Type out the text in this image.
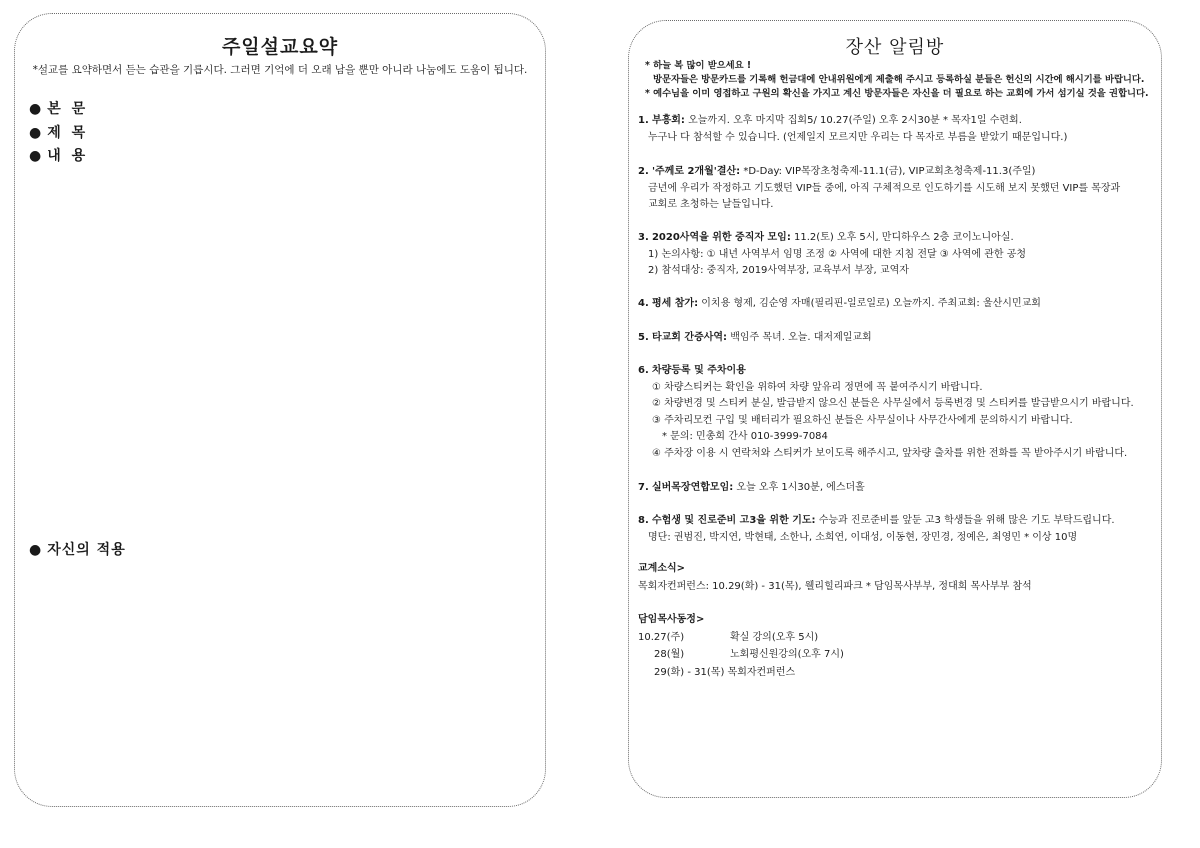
주일설교요약
*설교를 요약하면서 듣는 습관을 기릅시다. 그러면 기억에 더 오래 남을 뿐만 아니라 나눔에도 도움이 됩니다.
● 본 문
● 제 목
● 내 용
● 자신의 적용
장산 알림방
* 하늘 복 많이 받으세요 !
방문자들은 방문카드를 기록해 헌금대에 안내위원에게 제출해 주시고 등록하실 분들은 헌신의 시간에 해시기를 바랍니다.
* 예수님을 이미 영접하고 구원의 확신을 가지고 계신 방문자들은 자신을 더 필요로 하는 교회에 가서 섬기실 것을 권합니다.
1. 부흥회: 오늘까지. 오후 마지막 집회5/ 10.27(주일) 오후 2시30분 * 목자1일 수련회.
누구나 다 참석할 수 있습니다. (언제일지 모르지만 우리는 다 목자로 부름을 받았기 때문입니다.)
2. '주께로 2개월'결산: *D-Day: VIP목장초청축제-11.1(금), VIP교회초청축제-11.3(주일)
금년에 우리가 작정하고 기도했던 VIP들 중에, 아직 구체적으로 인도하기를 시도해 보지 못했던 VIP를 목장과
교회로 초청하는 날들입니다.
3. 2020사역을 위한 중직자 모임: 11.2(토) 오후 5시, 만디하우스 2층 코이노니아실.
1) 논의사항: ① 내년 사역부서 임명 조정 ② 사역에 대한 지침 전달 ③ 사역에 관한 공청
2) 참석대상: 중직자, 2019사역부장, 교육부서 부장, 교역자
4. 평세 참가: 이치용 형제, 김순영 자매(필리핀-일로일로) 오늘까지. 주최교회: 울산시민교회
5. 타교회 간증사역: 백임주 목녀. 오늘. 대저제일교회
6. 차량등록 및 주차이용
① 차량스티커는 확인을 위하여 차량 앞유리 정면에 꼭 붙여주시기 바랍니다.
② 차량변경 및 스티커 분실, 발급받지 않으신 분들은 사무실에서 등록변경 및 스티커를 발급받으시기 바랍니다.
③ 주차리모컨 구입 및 배터리가 필요하신 분들은 사무실이나 사무간사에게 문의하시기 바랍니다.
* 문의: 민총희 간사 010-3999-7084
④ 주차장 이용 시 연락처와 스티커가 보이도록 해주시고, 앞차량 출차를 위한 전화를 꼭 받아주시기 바랍니다.
7. 실버목장연합모임: 오늘 오후 1시30분, 에스더홀
8. 수험생 및 진로준비 고3을 위한 기도: 수능과 진로준비를 앞둔 고3 학생들을 위해 많은 기도 부탁드립니다.
명단: 권범진, 박지연, 박현태, 소한나, 소희연, 이대성, 이동현, 장민경, 정예은, 최영민 * 이상 10명
교계소식>
목회자컨퍼런스: 10.29(화) - 31(목), 웰리힐리파크 * 담임목사부부, 정대희 목사부부 참석
담임목사동정>
10.27(주)	확실 강의(오후 5시)
28(월)	노회평신원강의(오후 7시)
29(화) - 31(목) 목회자컨퍼런스
